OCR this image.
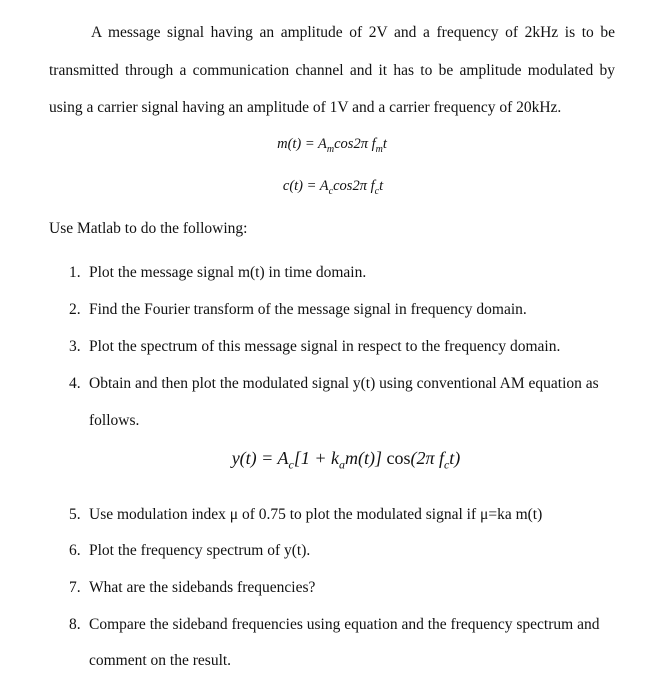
A message signal having an amplitude of 2V and a frequency of 2kHz is to be transmitted through a communication channel and it has to be amplitude modulated by using a carrier signal having an amplitude of 1V and a carrier frequency of 20kHz.

$m(t) = A_m\cos 2\pi$ $f_mt$
$c(t) = A_c\cos 2\pi$ $f_ct$

Use Matlab to do the following:

1. Plot the message signal m(t) in time domain.
2. Find the Fourier transform of the message signal in frequency domain.
3. Plot the spectrum of this message signal in respect to the frequency domain.
4. Obtain and then plot the modulated signal y(t) using conventional AM equation as
follows.
$y(t) = A_c[1 + k_am(t)]$ cos(2π $f_ct$)
5. Use modulation index μ of 0.75 to plot the modulated signal if μ=ka m(t)
6. Plot the frequency spectrum of y(t).
7. What are the sidebands frequencies?
8. Compare the sideband frequencies using equation and the frequency spectrum and
comment on the result.
